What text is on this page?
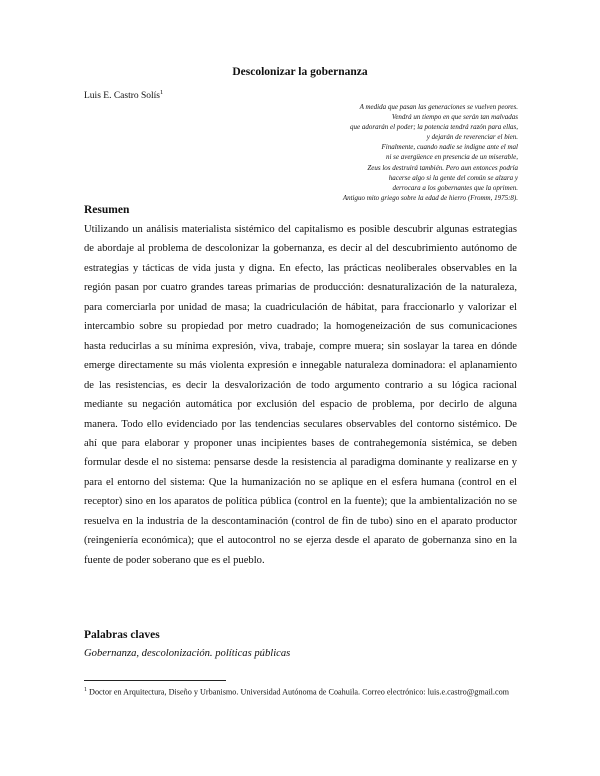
Descolonizar la gobernanza
Luis E. Castro Solís$^1$
A medida que pasan las generaciones se vuelven peores.
Vendrá un tiempo en que serán tan malvadas
que adorarán el poder; la potencia tendrá razón para ellas,
y dejarán de reverenciar el bien.
Finalmente, cuando nadie se indigne ante el mal
ni se avergüence en presencia de un miserable,
Zeus los destruirá también. Pero aun entonces podría
hacerse algo si la gente del común se alzara y
derrocara a los gobernantes que la oprimen.
Antiguo mito griego sobre la edad de hierro (Fromm, 1975:8).
Resumen
Utilizando un análisis materialista sistémico del capitalismo es posible descubrir algunas estrategias de abordaje al problema de descolonizar la gobernanza, es decir al del descubrimiento autónomo de estrategias y tácticas de vida justa y digna. En efecto, las prácticas neoliberales observables en la región pasan por cuatro grandes tareas primarias de producción: desnaturalización de la naturaleza, para comerciarla por unidad de masa; la cuadriculación de hábitat, para fraccionarlo y valorizar el intercambio sobre su propiedad por metro cuadrado; la homogeneización de sus comunicaciones hasta reducirlas a su mínima expresión, viva, trabaje, compre muera; sin soslayar la tarea en dónde emerge directamente su más violenta expresión e innegable naturaleza dominadora: el aplanamiento de las resistencias, es decir la desvalorización de todo argumento contrario a su lógica racional mediante su negación automática por exclusión del espacio de problema, por decirlo de alguna manera. Todo ello evidenciado por las tendencias seculares observables del contorno sistémico. De ahí que para elaborar y proponer unas incipientes bases de contrahegemonía sistémica, se deben formular desde el no sistema: pensarse desde la resistencia al paradigma dominante y realizarse en y para el entorno del sistema: Que la humanización no se aplique en el esfera humana (control en el receptor) sino en los aparatos de política pública (control en la fuente); que la ambientalización no se resuelva en la industria de la descontaminación (control de fin de tubo) sino en el aparato productor (reingeniería económica); que el autocontrol no se ejerza desde el aparato de gobernanza sino en la fuente de poder soberano que es el pueblo.
Palabras claves
Gobernanza, descolonización. políticas públicas
$^1$ Doctor en Arquitectura, Diseño y Urbanismo. Universidad Autónoma de Coahuila. Correo electrónico: luis.e.castro@gmail.com
